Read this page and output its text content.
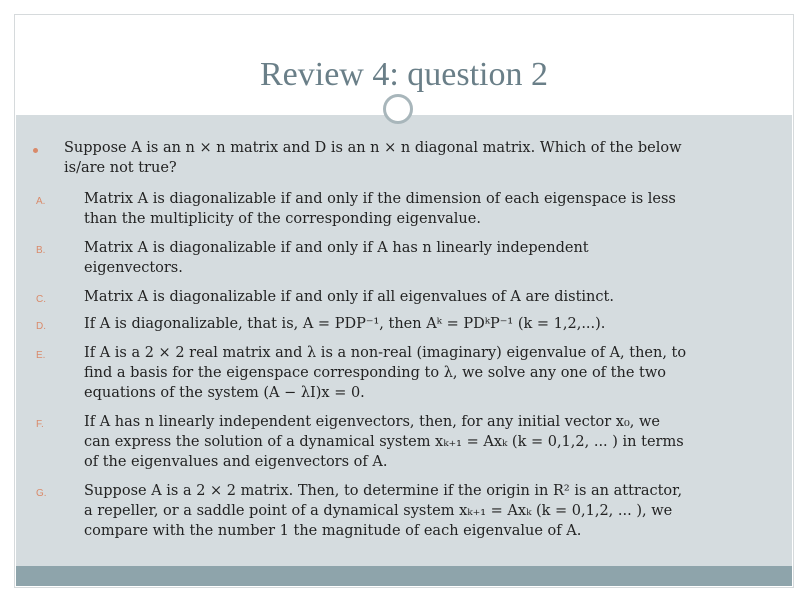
Review 4: question 2
Suppose A is an n × n matrix and D is an n × n diagonal matrix. Which of the below
is/are not true?
A.	Matrix A is diagonalizable if and only if the dimension of each eigenspace is less
than the multiplicity of the corresponding eigenvalue.
B.	Matrix A is diagonalizable if and only if A has n linearly independent
eigenvectors.
C.	Matrix A is diagonalizable if and only if all eigenvalues of A are distinct.
D.	If A is diagonalizable, that is, A = PDP⁻¹, then Aᵏ = PDᵏP⁻¹ (k = 1,2,...).
E.	If A is a 2 × 2 real matrix and λ is a non-real (imaginary) eigenvalue of A, then, to
find a basis for the eigenspace corresponding to λ, we solve any one of the two
equations of the system (A − λI)x = 0.
F.	If A has n linearly independent eigenvectors, then, for any initial vector x₀, we
can express the solution of a dynamical system xₖ₊₁ = Axₖ (k = 0,1,2, ... ) in terms
of the eigenvalues and eigenvectors of A.
G.	Suppose A is a 2 × 2 matrix. Then, to determine if the origin in R² is an attractor,
a repeller, or a saddle point of a dynamical system xₖ₊₁ = Axₖ (k = 0,1,2, ... ), we
compare with the number 1 the magnitude of each eigenvalue of A.
